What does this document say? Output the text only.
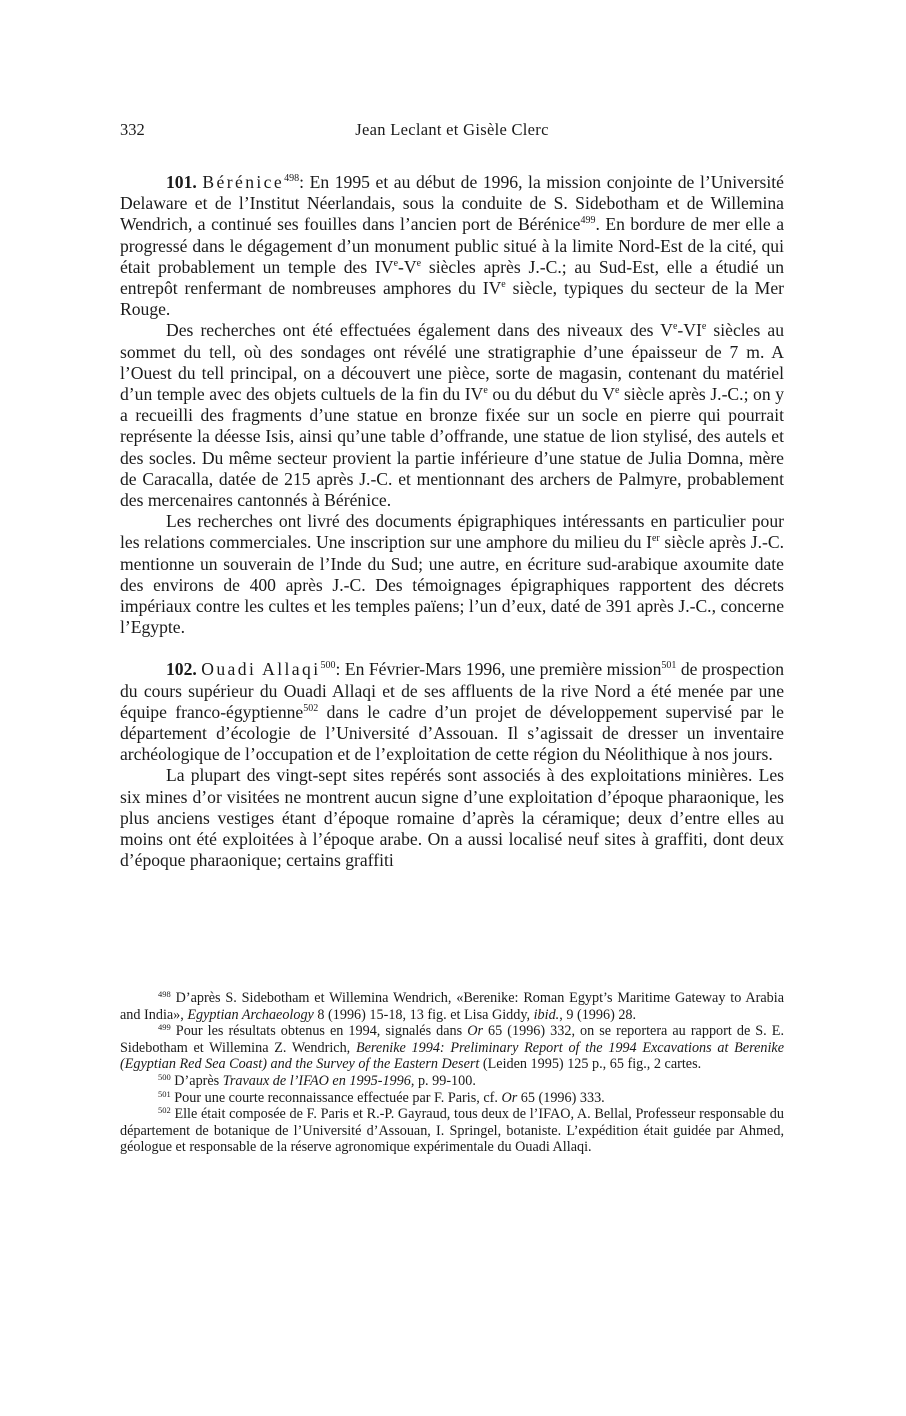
332	Jean Leclant et Gisèle Clerc

101. Bérénice$^{498}$: En 1995 et au début de 1996, la mission conjointe de l’Université Delaware et de l’Institut Néerlandais, sous la conduite de S. Sidebotham et de Willemina Wendrich, a continué ses fouilles dans l’ancien port de Bérénice$^{499}$. En bordure de mer elle a progressé dans le dégagement d’un monument public situé à la limite Nord-Est de la cité, qui était probablement un temple des IVe-Ve siècles après J.-C.; au Sud-Est, elle a étudié un entrepôt renfermant de nombreuses amphores du IVe siècle, typiques du secteur de la Mer Rouge.

Des recherches ont été effectuées également dans des niveaux des Ve-VIe siècles au sommet du tell, où des sondages ont révélé une stratigraphie d’une épaisseur de 7 m. A l’Ouest du tell principal, on a découvert une pièce, sorte de magasin, contenant du matériel d’un temple avec des objets cultuels de la fin du IVe ou du début du Ve siècle après J.-C.; on y a recueilli des fragments d’une statue en bronze fixée sur un socle en pierre qui pourrait représente la déesse Isis, ainsi qu’une table d’offrande, une statue de lion stylisé, des autels et des socles. Du même secteur provient la partie inférieure d’une statue de Julia Domna, mère de Caracalla, datée de 215 après J.-C. et mentionnant des archers de Palmyre, probablement des mercenaires cantonnés à Bérénice.

Les recherches ont livré des documents épigraphiques intéressants en particulier pour les relations commerciales. Une inscription sur une amphore du milieu du Ier siècle après J.-C. mentionne un souverain de l’Inde du Sud; une autre, en écriture sud-arabique axoumite date des environs de 400 après J.-C. Des témoignages épigraphiques rapportent des décrets impériaux contre les cultes et les temples païens; l’un d’eux, daté de 391 après J.-C., concerne l’Egypte.

102. Ouadi Allaqi$^{500}$: En Février-Mars 1996, une première mission$^{501}$ de prospection du cours supérieur du Ouadi Allaqi et de ses affluents de la rive Nord a été menée par une équipe franco-égyptienne$^{502}$ dans le cadre d’un projet de développement supervisé par le département d’écologie de l’Université d’Assouan. Il s’agissait de dresser un inventaire archéologique de l’occupation et de l’exploitation de cette région du Néolithique à nos jours.

La plupart des vingt-sept sites repérés sont associés à des exploitations minières. Les six mines d’or visitées ne montrent aucun signe d’une exploitation d’époque pharaonique, les plus anciens vestiges étant d’époque romaine d’après la céramique; deux d’entre elles au moins ont été exploitées à l’époque arabe. On a aussi localisé neuf sites à graffiti, dont deux d’époque pharaonique; certains graffiti

$^{498}$ D’après S. Sidebotham et Willemina Wendrich, «Berenike: Roman Egypt’s Maritime Gateway to Arabia and India», Egyptian Archaeology 8 (1996) 15-18, 13 fig. et Lisa Giddy, ibid., 9 (1996) 28.

$^{499}$ Pour les résultats obtenus en 1994, signalés dans Or 65 (1996) 332, on se reportera au rapport de S. E. Sidebotham et Willemina Z. Wendrich, Berenike 1994: Preliminary Report of the 1994 Excavations at Berenike (Egyptian Red Sea Coast) and the Survey of the Eastern Desert (Leiden 1995) 125 p., 65 fig., 2 cartes.

$^{500}$ D’après Travaux de l’IFAO en 1995-1996, p. 99-100.

$^{501}$ Pour une courte reconnaissance effectuée par F. Paris, cf. Or 65 (1996) 333.

$^{502}$ Elle était composée de F. Paris et R.-P. Gayraud, tous deux de l’IFAO, A. Bellal, Professeur responsable du département de botanique de l’Université d’Assouan, I. Springel, botaniste. L’expédition était guidée par Ahmed, géologue et responsable de la réserve agronomique expérimentale du Ouadi Allaqi.
